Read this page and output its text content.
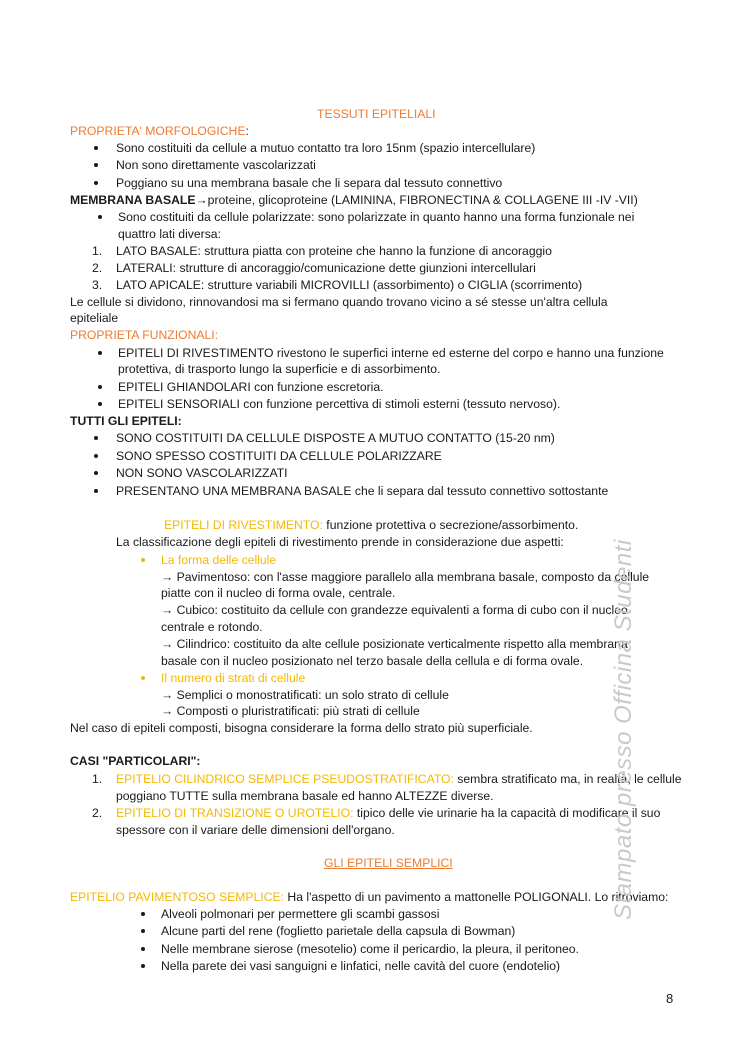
TESSUTI EPITELIALI
PROPRIETA' MORFOLOGICHE:
Sono costituiti da cellule a mutuo contatto tra loro 15nm (spazio intercellulare)
Non sono direttamente vascolarizzati
Poggiano su una membrana basale che li separa dal tessuto connettivo
MEMBRANA BASALE→proteine, glicoproteine (LAMININA, FIBRONECTINA & COLLAGENE III -IV -VII)
Sono costituiti da cellule polarizzate: sono polarizzate in quanto hanno una forma funzionale nei
quattro lati diversa:
1. LATO BASALE: struttura piatta con proteine che hanno la funzione di ancoraggio
2. LATERALI: strutture di ancoraggio/comunicazione dette giunzioni intercellulari
3. LATO APICALE: strutture variabili MICROVILLI (assorbimento) o CIGLIA (scorrimento)
Le cellule si dividono, rinnovandosi ma si fermano quando trovano vicino a sé stesse un'altra cellula
epiteliale
PROPRIETA FUNZIONALI:
EPITELI DI RIVESTIMENTO rivestono le superfici interne ed esterne del corpo e hanno una funzione
protettiva, di trasporto lungo la superficie e di assorbimento.
EPITELI GHIANDOLARI con funzione escretoria.
EPITELI SENSORIALI con funzione percettiva di stimoli esterni (tessuto nervoso).
TUTTI GLI EPITELI:
SONO COSTITUITI DA CELLULE DISPOSTE A MUTUO CONTATTO (15-20 nm)
SONO SPESSO COSTITUITI DA CELLULE POLARIZZARE
NON SONO VASCOLARIZZATI
PRESENTANO UNA MEMBRANA BASALE che li separa dal tessuto connettivo sottostante
EPITELI DI RIVESTIMENTO: funzione protettiva o secrezione/assorbimento.
La classificazione degli epiteli di rivestimento prende in considerazione due aspetti:
La forma delle cellule
→ Pavimentoso: con l'asse maggiore parallelo alla membrana basale, composto da cellule
piatte con il nucleo di forma ovale, centrale.
→ Cubico: costituito da cellule con grandezze equivalenti a forma di cubo con il nucleo
centrale e rotondo.
→ Cilindrico: costituito da alte cellule posizionate verticalmente rispetto alla membrana
basale con il nucleo posizionato nel terzo basale della cellula e di forma ovale.
Il numero di strati di cellule
→ Semplici o monostratificati: un solo strato di cellule
→ Composti o pluristratificati: più strati di cellule
Nel caso di epiteli composti, bisogna considerare la forma dello strato più superficiale.
CASI "PARTICOLARI":
1. EPITELIO CILINDRICO SEMPLICE PSEUDOSTRATIFICATO: sembra stratificato ma, in realtà, le cellule
poggiano TUTTE sulla membrana basale ed hanno ALTEZZE diverse.
2. EPITELIO DI TRANSIZIONE O UROTELIO: tipico delle vie urinarie ha la capacità di modificare il suo
spessore con il variare delle dimensioni dell'organo.
GLI EPITELI SEMPLICI
EPITELIO PAVIMENTOSO SEMPLICE: Ha l'aspetto di un pavimento a mattonelle POLIGONALI. Lo ritroviamo:
Alveoli polmonari per permettere gli scambi gassosi
Alcune parti del rene (foglietto parietale della capsula di Bowman)
Nelle membrane sierose (mesotelio) come il pericardio, la pleura, il peritoneo.
Nella parete dei vasi sanguigni e linfatici, nelle cavità del cuore (endotelio)
8
Stampato presso Officina Studenti
